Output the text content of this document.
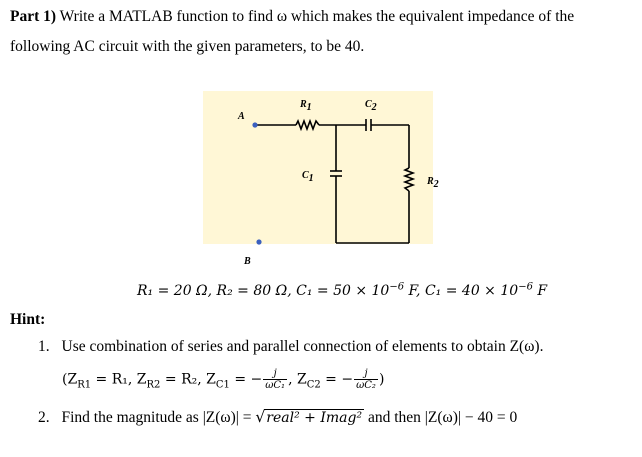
Part 1) Write a MATLAB function to find ω which makes the equivalent impedance of the
following AC circuit with the given parameters, to be 40.
A
B
$R_1$	$C_2$
$C_1$	$R_2$
R₁ = 20 Ω, R₂ = 80 Ω, $C_1 = 50 \times 10^{-6}$ F, $C_1 = 40 \times 10^{-6}$ F
Hint:
1. Use combination of series and parallel connection of elements to obtain Z(ω).
($Z_{R1} = R_1$, $Z_{R2} = R_2$, $Z_{C1}$ = − $\frac{j}{\text{ωC₁}}$ , $Z_{C2}$ = − $\frac{j}{\text{ωC₂}}$ )
2. Find the magnitude as |Z(ω)| = √real² + Imag² and then |Z(ω)| − 40 = 0
